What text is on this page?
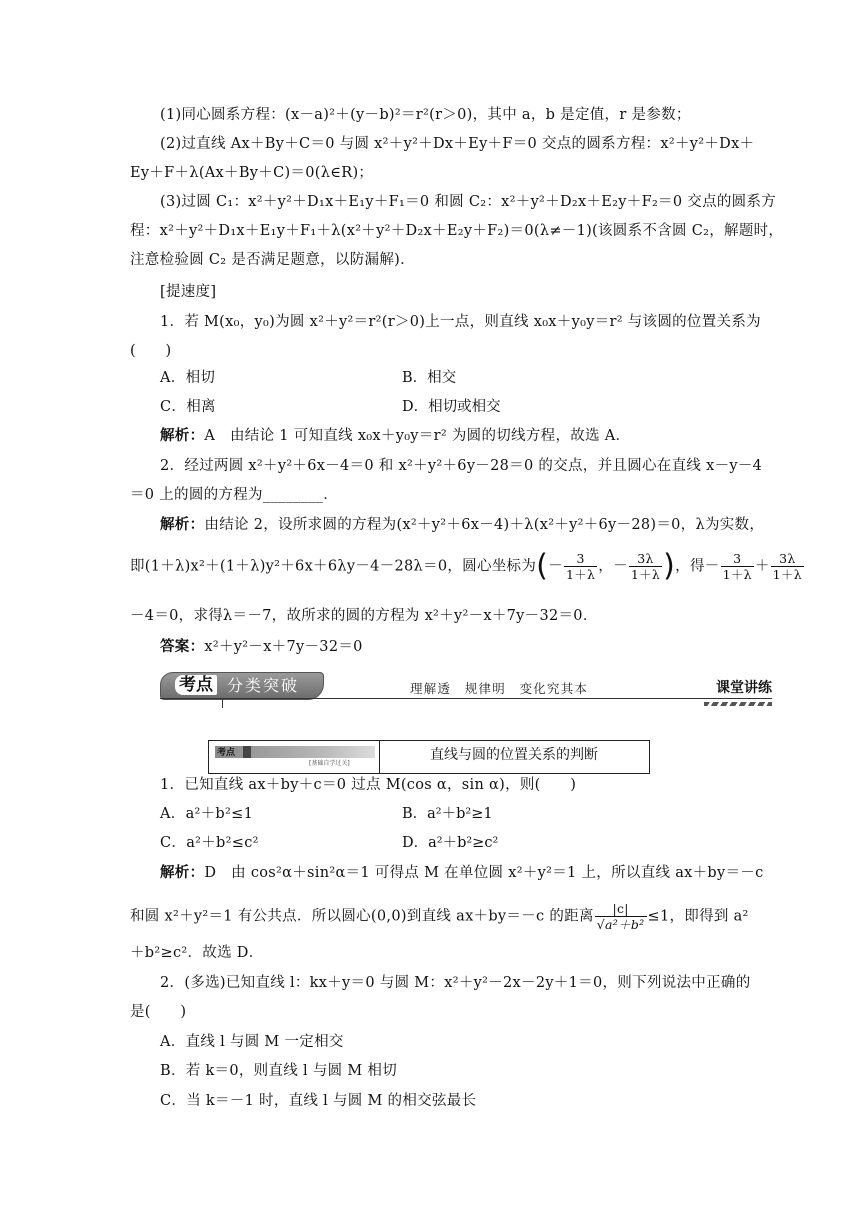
(1)同心圆系方程：(x－a)²＋(y－b)²＝r²(r＞0)，其中 a，b 是定值，r 是参数；
(2)过直线 Ax＋By＋C＝0 与圆 x²＋y²＋Dx＋Ey＋F＝0 交点的圆系方程：x²＋y²＋Dx＋
Ey＋F＋λ(Ax＋By＋C)＝0(λ∈R)；
(3)过圆 C₁：x²＋y²＋D₁x＋E₁y＋F₁＝0 和圆 C₂：x²＋y²＋D₂x＋E₂y＋F₂＝0 交点的圆系方
程：x²＋y²＋D₁x＋E₁y＋F₁＋λ(x²＋y²＋D₂x＋E₂y＋F₂)＝0(λ≠－1)(该圆系不含圆 C₂，解题时，
注意检验圆 C₂ 是否满足题意，以防漏解)．
[提速度]
1．若 M(x₀，y₀)为圆 x²＋y²＝r²(r＞0)上一点，则直线 x₀x＋y₀y＝r² 与该圆的位置关系为
(　　)
A．相切	B．相交
C．相离	D．相切或相交
解析：A　由结论 1 可知直线 x₀x＋y₀y＝r² 为圆的切线方程，故选 A．
2．经过两圆 x²＋y²＋6x－4＝0 和 x²＋y²＋6y－28＝0 的交点，并且圆心在直线 x－y－4
＝0 上的圆的方程为________．
解析：由结论 2，设所求圆的方程为(x²＋y²＋6x－4)＋λ(x²＋y²＋6y－28)＝0，λ为实数，
即(1＋λ)x²＋(1＋λ)y²＋6x＋6λy－4－28λ＝0，圆心坐标为(－ $\frac{3}{1+\lambda}$ ，－ $\frac{3\lambda}{1+\lambda}$ )，得－ $\frac{3}{1+\lambda} + \frac{3\lambda}{1+\lambda}$
－4＝0，求得λ＝－7，故所求的圆的方程为 x²＋y²－x＋7y－32＝0．
答案：x²＋y²－x＋7y－32＝0
考点 分类突破	理解透　规律明　变化究其本	课堂讲练
考点
[基础自学过关]
直线与圆的位置关系的判断
1．已知直线 ax＋by＋c＝0 过点 M(cos α，sin α)，则(　　)
A．a²＋b²≤1	B．a²＋b²≥1
C．a²＋b²≤c²	D．a²＋b²≥c²
解析：D　由 cos²α＋sin²α＝1 可得点 M 在单位圆 x²＋y²＝1 上，所以直线 ax＋by＝－c
和圆 x²＋y²＝1 有公共点．所以圆心(0,0)到直线 ax＋by＝－c 的距离 $\frac{|c|}{\text{√a²＋b²}} \le 1$，即得到 a²
＋b²≥c²．故选 D．
2．(多选)已知直线 l：kx＋y＝0 与圆 M：x²＋y²－2x－2y＋1＝0，则下列说法中正确的
是(　　)
A．直线 l 与圆 M 一定相交
B．若 k＝0，则直线 l 与圆 M 相切
C．当 k＝－1 时，直线 l 与圆 M 的相交弦最长
